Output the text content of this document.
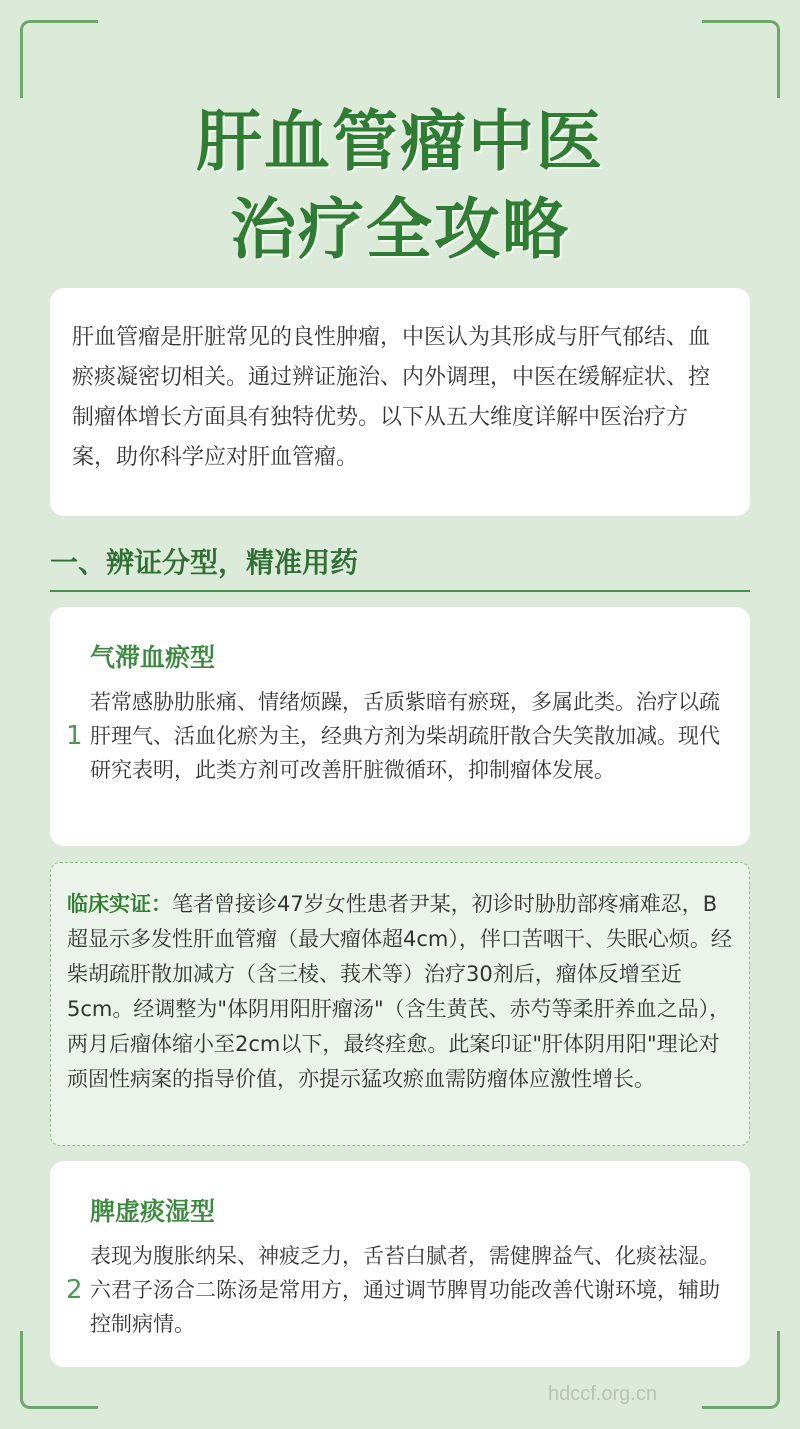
肝血管瘤中医
治疗全攻略

肝血管瘤是肝脏常见的良性肿瘤，中医认为其形成与肝气郁结、血瘀痰凝密切相关。通过辨证施治、内外调理，中医在缓解症状、控制瘤体增长方面具有独特优势。以下从五大维度详解中医治疗方案，助你科学应对肝血管瘤。

一、辨证分型，精准用药
气滞血瘀型
1

若常感胁肋胀痛、情绪烦躁，舌质紫暗有瘀斑，多属此类。治疗以疏肝理气、活血化瘀为主，经典方剂为柴胡疏肝散合失笑散加减。现代研究表明，此类方剂可改善肝脏微循环，抑制瘤体发展。

临床实证：笔者曾接诊47岁女性患者尹某，初诊时胁肋部疼痛难忍，B超显示多发性肝血管瘤（最大瘤体超4cm），伴口苦咽干、失眠心烦。经柴胡疏肝散加减方（含三棱、莪术等）治疗30剂后，瘤体反增至近5cm。经调整为"体阴用阳肝瘤汤"（含生黄芪、赤芍等柔肝养血之品），两月后瘤体缩小至2cm以下，最终痊愈。此案印证"肝体阴用阳"理论对顽固性病案的指导价值，亦提示猛攻瘀血需防瘤体应激性增长。

脾虚痰湿型
2

表现为腹胀纳呆、神疲乏力，舌苔白腻者，需健脾益气、化痰祛湿。六君子汤合二陈汤是常用方，通过调节脾胃功能改善代谢环境，辅助控制病情。

hdccf.org.cn
